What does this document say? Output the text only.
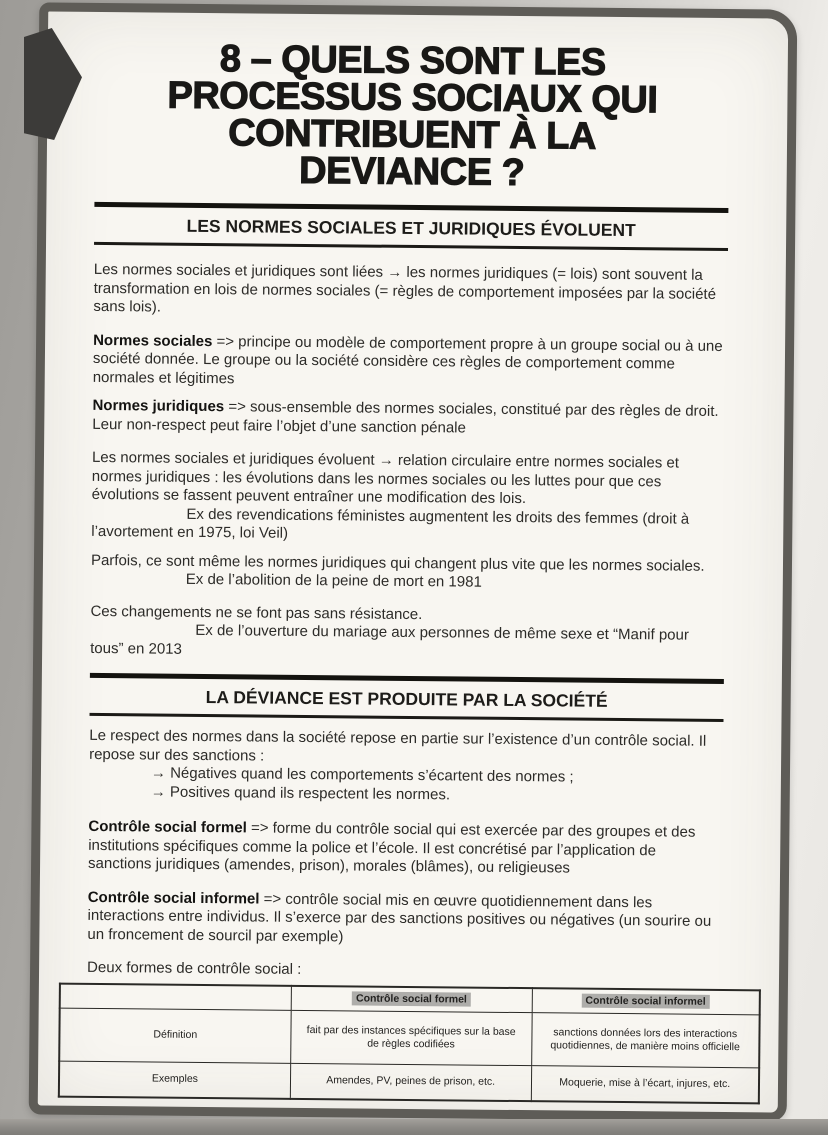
8 – QUELS SONT LES
PROCESSUS SOCIAUX QUI
CONTRIBUENT À LA
DEVIANCE ?
LES NORMES SOCIALES ET JURIDIQUES ÉVOLUENT

Les normes sociales et juridiques sont liées → les normes juridiques (= lois) sont souvent la transformation en lois de normes sociales (= règles de comportement imposées par la société sans lois).

Normes sociales => principe ou modèle de comportement propre à un groupe social ou à une société donnée. Le groupe ou la société considère ces règles de comportement comme normales et légitimes

Normes juridiques => sous-ensemble des normes sociales, constitué par des règles de droit. Leur non-respect peut faire l’objet d’une sanction pénale

Les normes sociales et juridiques évoluent → relation circulaire entre normes sociales et normes juridiques : les évolutions dans les normes sociales ou les luttes pour que ces évolutions se fassent peuvent entraîner une modification des lois.

Ex des revendications féministes augmentent les droits des femmes (droit à l’avortement en 1975, loi Veil)

Parfois, ce sont même les normes juridiques qui changent plus vite que les normes sociales.

Ex de l’abolition de la peine de mort en 1981

Ces changements ne se font pas sans résistance.

Ex de l’ouverture du mariage aux personnes de même sexe et “Manif pour tous” en 2013

LA DÉVIANCE EST PRODUITE PAR LA SOCIÉTÉ

Le respect des normes dans la société repose en partie sur l’existence d’un contrôle social. Il repose sur des sanctions :

→ Négatives quand les comportements s’écartent des normes ;
→ Positives quand ils respectent les normes.

Contrôle social formel => forme du contrôle social qui est exercée par des groupes et des institutions spécifiques comme la police et l’école. Il est concrétisé par l’application de sanctions juridiques (amendes, prison), morales (blâmes), ou religieuses

Contrôle social informel => contrôle social mis en œuvre quotidiennement dans les interactions entre individus. Il s’exerce par des sanctions positives ou négatives (un sourire ou un froncement de sourcil par exemple)

Deux formes de contrôle social :

	Contrôle social formel	Contrôle social informel
Définition	fait par des instances spécifiques sur la base de règles codifiées	sanctions données lors des interactions quotidiennes, de manière moins officielle
Exemples	Amendes, PV, peines de prison, etc.	Moquerie, mise à l’écart, injures, etc.
